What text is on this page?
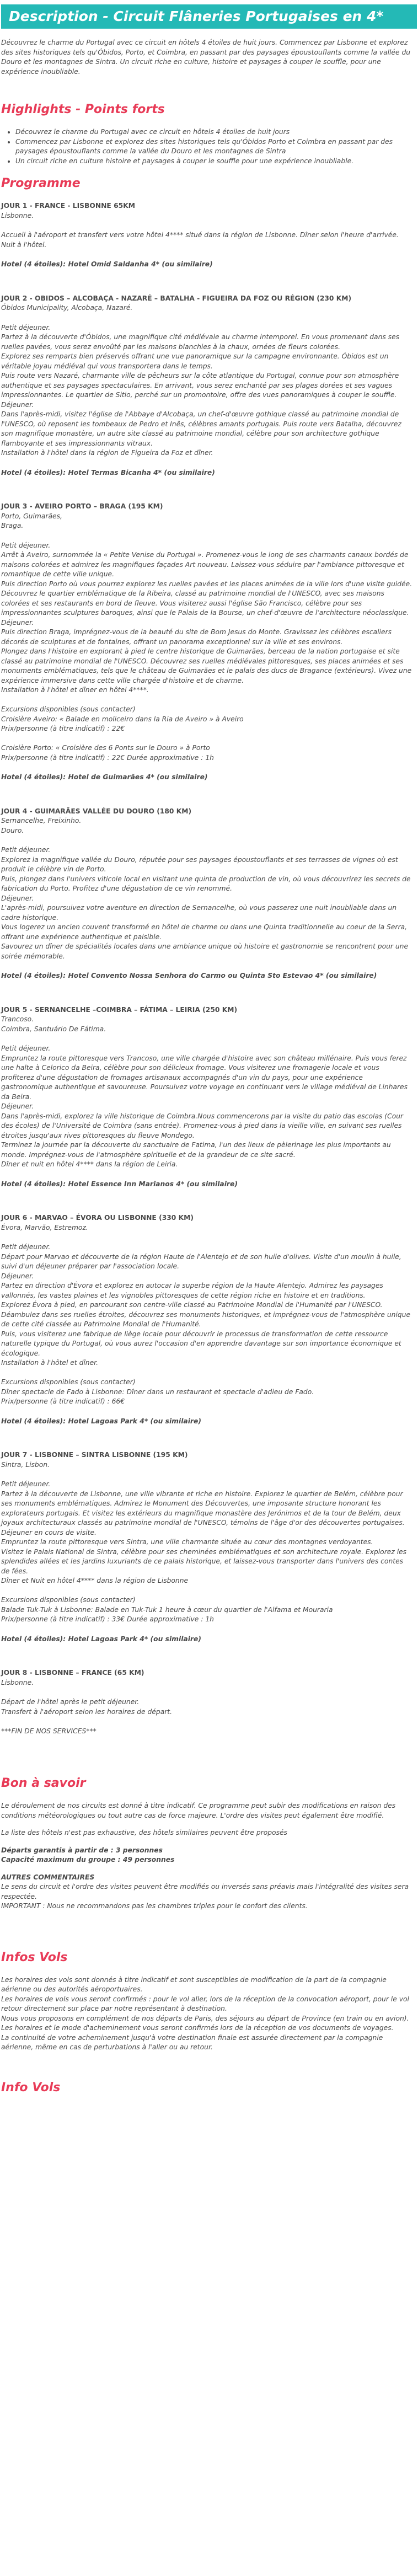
Description - Circuit Flâneries Portugaises en 4*

Découvrez le charme du Portugal avec ce circuit en hôtels 4 étoiles de huit jours. Commencez par Lisbonne et explorez des sites historiques tels qu'Óbidos, Porto, et Coimbra, en passant par des paysages époustouflants comme la vallée du Douro et les montagnes de Sintra. Un circuit riche en culture, histoire et paysages à couper le souffle, pour une expérience inoubliable.

Highlights - Points forts
• Découvrez le charme du Portugal avec ce circuit en hôtels 4 étoiles de huit jours
• Commencez par Lisbonne et explorez des sites historiques tels qu'Óbidos Porto et Coimbra en passant par des paysages époustouflants comme la vallée du Douro et les montagnes de Sintra
• Un circuit riche en culture histoire et paysages à couper le souffle pour une expérience inoubliable.
Programme

JOUR 1 - FRANCE - LISBONNE 65KM

Lisbonne.

Accueil à l'aéroport et transfert vers votre hôtel 4**** situé dans la région de Lisbonne. Dîner selon l'heure d'arrivée. Nuit à l'hôtel.

Hotel (4 étoiles): Hotel Omid Saldanha 4* (ou similaire)

JOUR 2 - OBIDOS – ALCOBAÇA - NAZARÉ – BATALHA - FIGUEIRA DA FOZ OU RÉGION (230 KM)

Óbidos Municipality, Alcobaça, Nazaré.

Petit déjeuner.
Partez à la découverte d'Óbidos, une magnifique cité médiévale au charme intemporel. En vous promenant dans ses ruelles pavées, vous serez envoûté par les maisons blanchies à la chaux, ornées de fleurs colorées.
Explorez ses remparts bien préservés offrant une vue panoramique sur la campagne environnante. Óbidos est un véritable joyau médiéval qui vous transportera dans le temps.
Puis route vers Nazaré, charmante ville de pêcheurs sur la côte atlantique du Portugal, connue pour son atmosphère authentique et ses paysages spectaculaires. En arrivant, vous serez enchanté par ses plages dorées et ses vagues impressionnantes. Le quartier de Sitio, perché sur un promontoire, offre des vues panoramiques à couper le souffle.
Déjeuner.
Dans l'après-midi, visitez l'église de l'Abbaye d'Alcobaça, un chef-d'œuvre gothique classé au patrimoine mondial de l'UNESCO, où reposent les tombeaux de Pedro et Inês, célèbres amants portugais. Puis route vers Batalha, découvrez son magnifique monastère, un autre site classé au patrimoine mondial, célèbre pour son architecture gothique flamboyante et ses impressionnants vitraux.
Installation à l'hôtel dans la région de Figueira da Foz et dîner.

Hotel (4 étoiles): Hotel Termas Bicanha 4* (ou similaire)

JOUR 3 - AVEIRO PORTO – BRAGA (195 KM)

Porto, Guimarães,
Braga.

Petit déjeuner.
Arrêt à Aveiro, surnommée la « Petite Venise du Portugal ». Promenez-vous le long de ses charmants canaux bordés de maisons colorées et admirez les magnifiques façades Art nouveau. Laissez-vous séduire par l'ambiance pittoresque et romantique de cette ville unique.
Puis direction Porto où vous pourrez explorez les ruelles pavées et les places animées de la ville lors d'une visite guidée. Découvrez le quartier emblématique de la Ribeira, classé au patrimoine mondial de l'UNESCO, avec ses maisons colorées et ses restaurants en bord de fleuve. Vous visiterez aussi l'église São Francisco, célèbre pour ses impressionnantes sculptures baroques, ainsi que le Palais de la Bourse, un chef-d'œuvre de l'architecture néoclassique.
Déjeuner.
Puis direction Braga, imprégnez-vous de la beauté du site de Bom Jesus do Monte. Gravissez les célèbres escaliers décorés de sculptures et de fontaines, offrant un panorama exceptionnel sur la ville et ses environs.
Plongez dans l'histoire en explorant à pied le centre historique de Guimarães, berceau de la nation portugaise et site classé au patrimoine mondial de l'UNESCO. Découvrez ses ruelles médiévales pittoresques, ses places animées et ses monuments emblématiques, tels que le château de Guimarães et le palais des ducs de Bragance (extérieurs). Vivez une expérience immersive dans cette ville chargée d'histoire et de charme.
Installation à l'hôtel et dîner en hôtel 4****.

Excursions disponibles (sous contacter)
Croisière Aveiro: « Balade en moliceiro dans la Ria de Aveiro » à Aveiro
Prix/personne (à titre indicatif) : 22€

Croisière Porto: « Croisière des 6 Ponts sur le Douro » à Porto
Prix/personne (à titre indicatif) : 22€ Durée approximative : 1h

Hotel (4 étoiles): Hotel de Guimarães 4* (ou similaire)

JOUR 4 - GUIMARÃES VALLÉE DU DOURO (180 KM)

Sernancelhe, Freixinho.
Douro.

Petit déjeuner.
Explorez la magnifique vallée du Douro, réputée pour ses paysages époustouflants et ses terrasses de vignes où est produit le célèbre vin de Porto.
Puis, plongez dans l'univers viticole local en visitant une quinta de production de vin, où vous découvrirez les secrets de fabrication du Porto. Profitez d'une dégustation de ce vin renommé.
Déjeuner.
L'après-midi, poursuivez votre aventure en direction de Sernancelhe, où vous passerez une nuit inoubliable dans un cadre historique.
Vous logerez un ancien couvent transformé en hôtel de charme ou dans une Quinta traditionnelle au coeur de la Serra, offrant une expérience authentique et paisible.
Savourez un dîner de spécialités locales dans une ambiance unique où histoire et gastronomie se rencontrent pour une soirée mémorable.

Hotel (4 étoiles): Hotel Convento Nossa Senhora do Carmo ou Quinta Sto Estevao 4* (ou similaire)

JOUR 5 - SERNANCELHE –COIMBRA – FÁTIMA – LEIRIA (250 KM)

Trancoso.
Coimbra, Santuário De Fátima.

Petit déjeuner.
Empruntez la route pittoresque vers Trancoso, une ville chargée d'histoire avec son château millénaire. Puis vous ferez une halte à Celorico da Beira, célèbre pour son délicieux fromage. Vous visiterez une fromagerie locale et vous profiterez d'une dégustation de fromages artisanaux accompagnés d'un vin du pays, pour une expérience gastronomique authentique et savoureuse. Poursuivez votre voyage en continuant vers le village médiéval de Linhares da Beira.
Déjeuner.
Dans l'après-midi, explorez la ville historique de Coimbra.Nous commencerons par la visite du patio das escolas (Cour des écoles) de l'Université de Coimbra (sans entrée). Promenez-vous à pied dans la vieille ville, en suivant ses ruelles étroites jusqu'aux rives pittoresques du fleuve Mondego.
Terminez la journée par la découverte du sanctuaire de Fatima, l'un des lieux de pèlerinage les plus importants au monde. Imprégnez-vous de l'atmosphère spirituelle et de la grandeur de ce site sacré.
Dîner et nuit en hôtel 4**** dans la région de Leiria.

Hotel (4 étoiles): Hotel Essence Inn Marianos 4* (ou similaire)

JOUR 6 - MARVAO – ÉVORA OU LISBONNE (330 KM)

Évora, Marvão, Estremoz.

Petit déjeuner.
Départ pour Marvao et découverte de la région Haute de l'Alentejo et de son huile d'olives. Visite d'un moulin à huile, suivi d'un déjeuner préparer par l'association locale.
Déjeuner.
Partez en direction d'Évora et explorez en autocar la superbe région de la Haute Alentejo. Admirez les paysages vallonnés, les vastes plaines et les vignobles pittoresques de cette région riche en histoire et en traditions.
Explorez Évora à pied, en parcourant son centre-ville classé au Patrimoine Mondial de l'Humanité par l'UNESCO. Déambulez dans ses ruelles étroites, découvrez ses monuments historiques, et imprégnez-vous de l'atmosphère unique de cette cité classée au Patrimoine Mondial de l'Humanité.
Puis, vous visiterez une fabrique de liège locale pour découvrir le processus de transformation de cette ressource naturelle typique du Portugal, où vous aurez l'occasion d'en apprendre davantage sur son importance économique et écologique.
Installation à l'hôtel et dîner.

Excursions disponibles (sous contacter)
Dîner spectacle de Fado à Lisbonne: Dîner dans un restaurant et spectacle d'adieu de Fado.
Prix/personne (à titre indicatif) : 66€

Hotel (4 étoiles): Hotel Lagoas Park 4* (ou similaire)

JOUR 7 - LISBONNE – SINTRA LISBONNE (195 KM)

Sintra, Lisbon.

Petit déjeuner.
Partez à la découverte de Lisbonne, une ville vibrante et riche en histoire. Explorez le quartier de Belém, célèbre pour ses monuments emblématiques. Admirez le Monument des Découvertes, une imposante structure honorant les explorateurs portugais. Et visitez les extérieurs du magnifique monastère des Jerónimos et de la tour de Belém, deux joyaux architecturaux classés au patrimoine mondial de l'UNESCO, témoins de l'âge d'or des découvertes portugaises.
Déjeuner en cours de visite.
Empruntez la route pittoresque vers Sintra, une ville charmante située au cœur des montagnes verdoyantes.
Visitez le Palais National de Sintra, célèbre pour ses cheminées emblématiques et son architecture royale. Explorez les splendides allées et les jardins luxuriants de ce palais historique, et laissez-vous transporter dans l'univers des contes de fées.
Dîner et Nuit en hôtel 4**** dans la région de Lisbonne

Excursions disponibles (sous contacter)
Balade Tuk-Tuk à Lisbonne: Balade en Tuk-Tuk 1 heure à cœur du quartier de l'Alfama et Mouraria
Prix/personne (à titre indicatif) : 33€ Durée approximative : 1h

Hotel (4 étoiles): Hotel Lagoas Park 4* (ou similaire)

JOUR 8 - LISBONNE – FRANCE (65 KM)

Lisbonne.

Départ de l'hôtel après le petit déjeuner.
Transfert à l'aéroport selon les horaires de départ.

***FIN DE NOS SERVICES***

Bon à savoir

Le déroulement de nos circuits est donné à titre indicatif. Ce programme peut subir des modifications en raison des conditions météorologiques ou tout autre cas de force majeure. L'ordre des visites peut également être modifié.

La liste des hôtels n'est pas exhaustive, des hôtels similaires peuvent être proposés

Départs garantis à partir de : 3 personnes

Capacité maximum du groupe : 49 personnes

AUTRES COMMENTAIRES

Le sens du circuit et l'ordre des visites peuvent être modifiés ou inversés sans préavis mais l'intégralité des visites sera respectée.

IMPORTANT : Nous ne recommandons pas les chambres triples pour le confort des clients.

Infos Vols

Les horaires des vols sont donnés à titre indicatif et sont susceptibles de modification de la part de la compagnie aérienne ou des autorités aéroportuaires.

Les horaires de vols vous seront confirmés : pour le vol aller, lors de la réception de la convocation aéroport, pour le vol retour directement sur place par notre représentant à destination.

Nous vous proposons en complément de nos départs de Paris, des séjours au départ de Province (en train ou en avion).

Les horaires et le mode d'acheminement vous seront confirmés lors de la réception de vos documents de voyages.

La continuité de votre acheminement jusqu'à votre destination finale est assurée directement par la compagnie aérienne, même en cas de perturbations à l'aller ou au retour.

Info Vols
